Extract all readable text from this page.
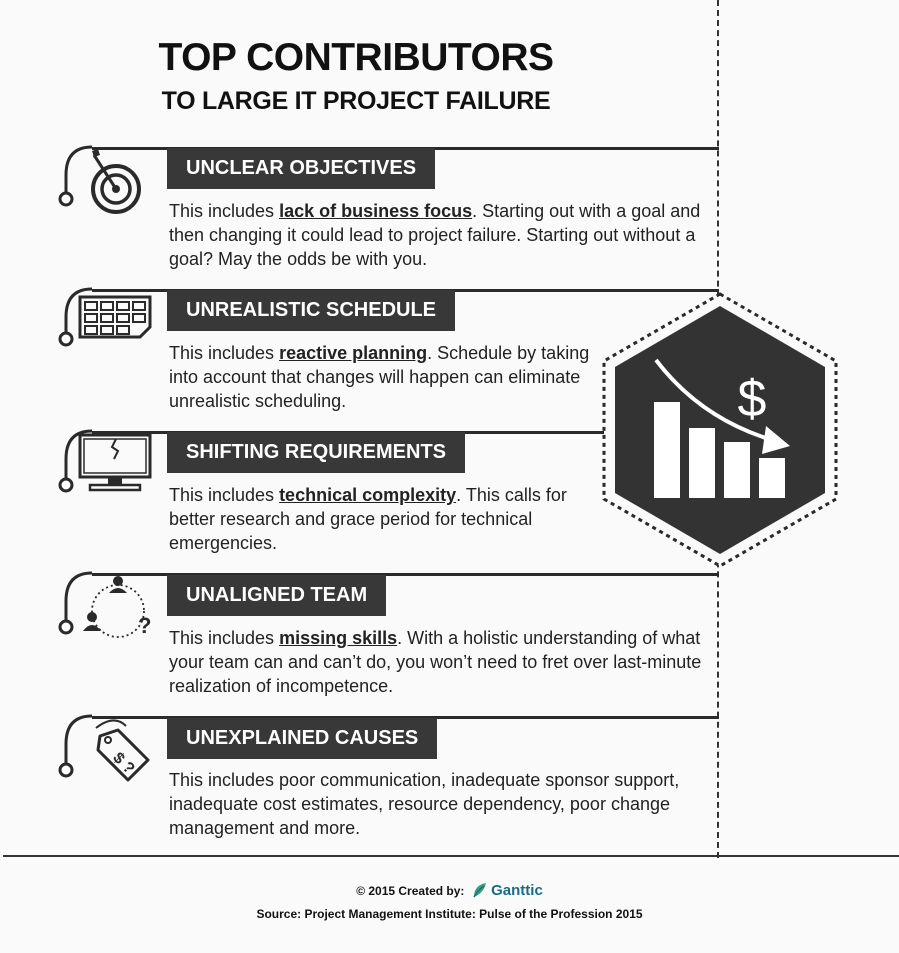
TOP CONTRIBUTORS
TO LARGE IT PROJECT FAILURE
UNCLEAR OBJECTIVES
This includes lack of business focus. Starting out with a goal and then changing it could lead to project failure. Starting out without a goal? May the odds be with you.
UNREALISTIC SCHEDULE
This includes reactive planning. Schedule by taking into account that changes will happen can eliminate unrealistic scheduling.
SHIFTING REQUIREMENTS
This includes technical complexity. This calls for better research and grace period for technical emergencies.
?
UNALIGNED TEAM
This includes missing skills. With a holistic understanding of what your team can and can’t do, you won’t need to fret over last-minute realization of incompetence.
$ ?
UNEXPLAINED CAUSES
This includes poor communication, inadequate sponsor support, inadequate cost estimates, resource dependency, poor change management and more.
$
© 2015 Created by: Ganttic
Source: Project Management Institute: Pulse of the Profession 2015
